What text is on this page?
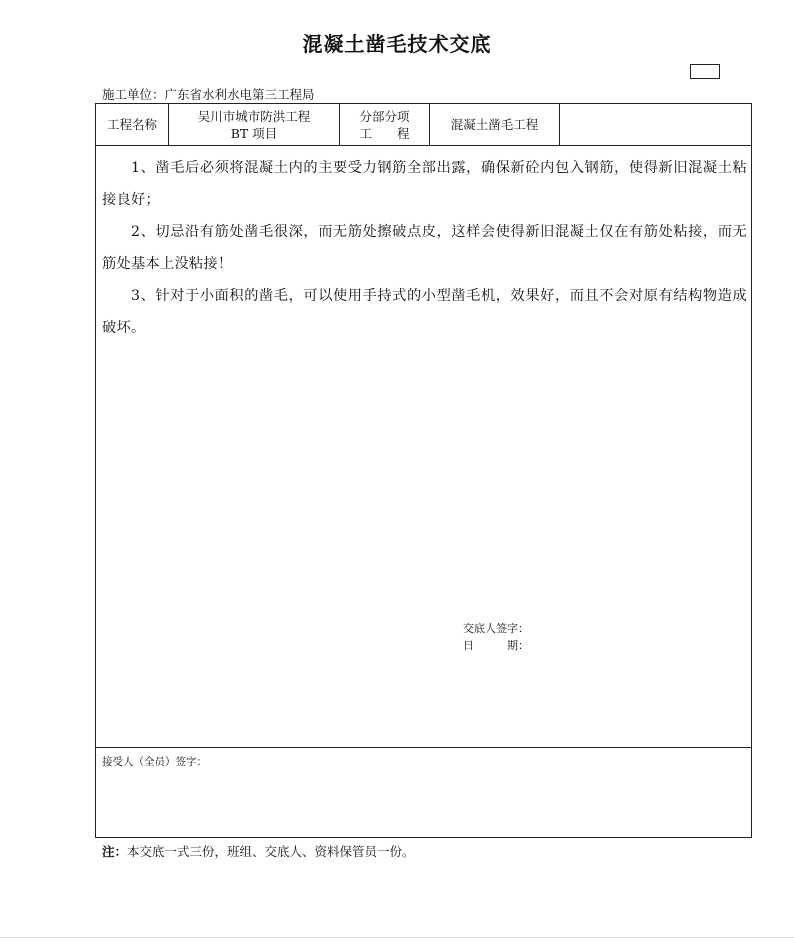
混凝土凿毛技术交底
施工单位：广东省水利水电第三工程局
工程名称
吴川市城市防洪工程
BT 项目
分部分项
工　　程
混凝土凿毛工程

1、凿毛后必须将混凝土内的主要受力钢筋全部出露，确保新砼内包入钢筋，使得新旧混凝土粘接良好；

2、切忌沿有筋处凿毛很深，而无筋处擦破点皮，这样会使得新旧混凝土仅在有筋处粘接，而无筋处基本上没粘接！

3、针对于小面积的凿毛，可以使用手持式的小型凿毛机，效果好，而且不会对原有结构物造成破坏。

交底人签字：
日　　　期：
接受人（全员）签字：
注：本交底一式三份，班组、交底人、资料保管员一份。
